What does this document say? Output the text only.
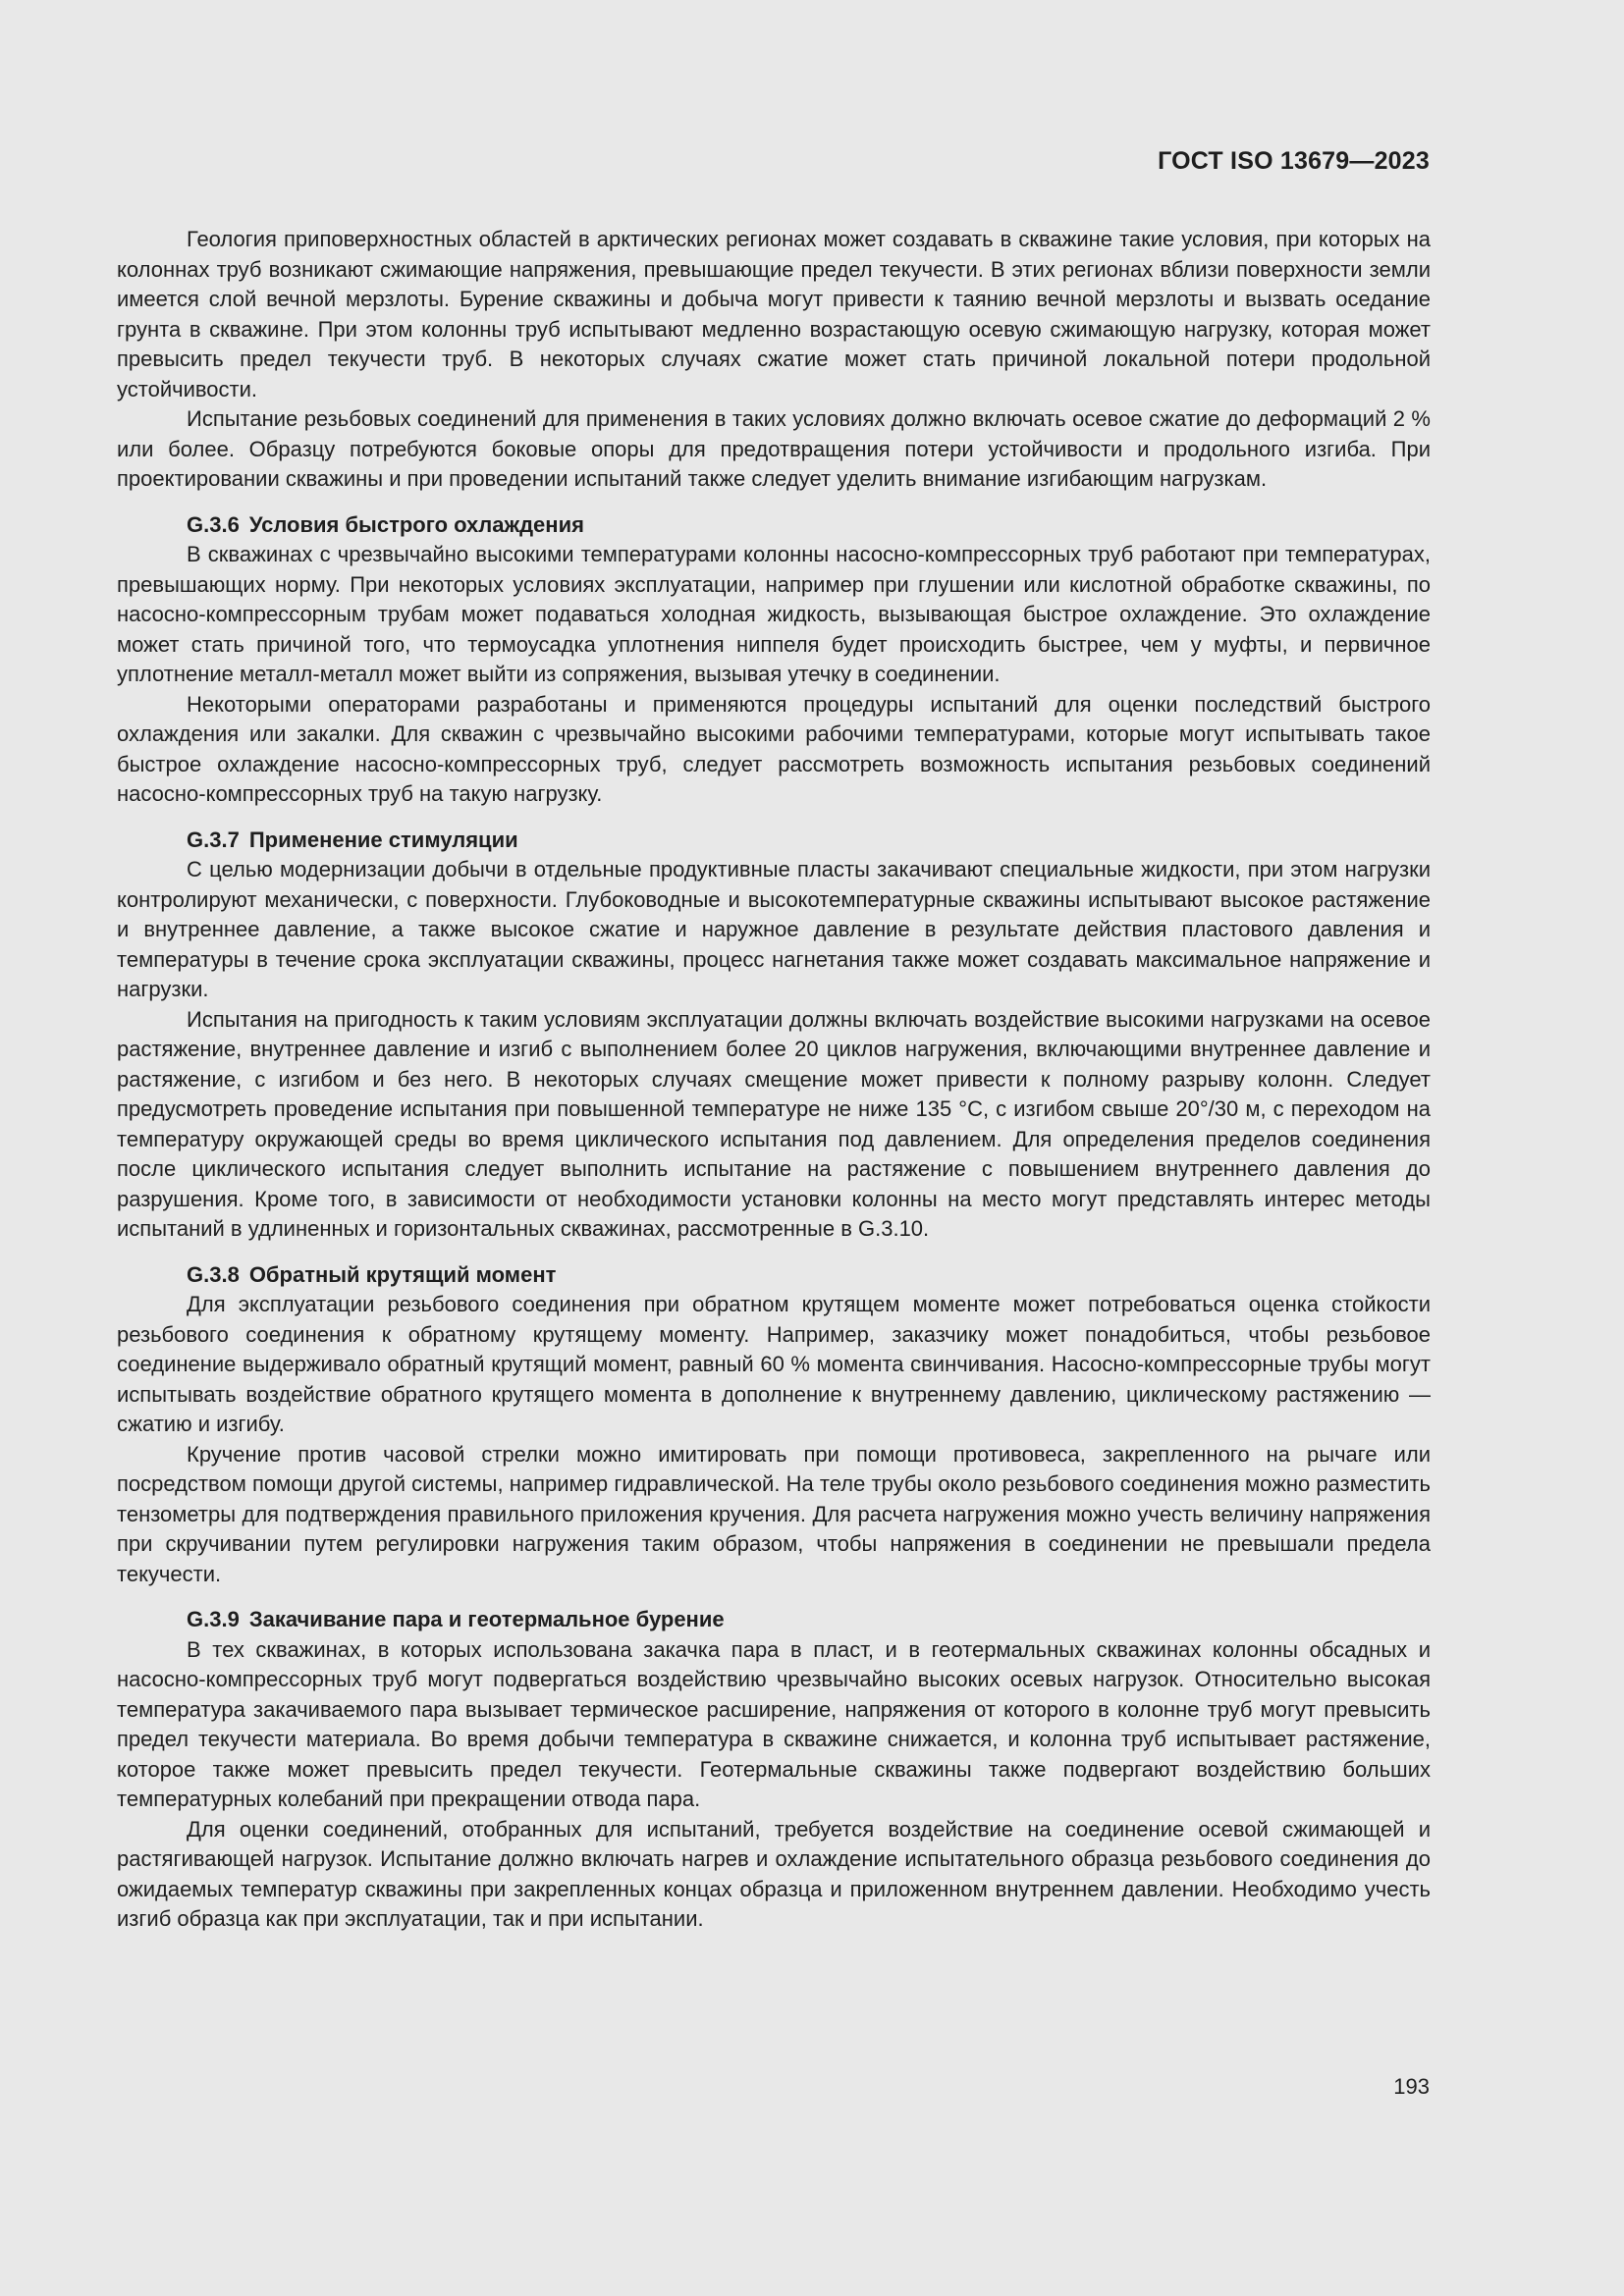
ГОСТ ISO 13679—2023

Геология приповерхностных областей в арктических регионах может создавать в скважине такие условия, при которых на колоннах труб возникают сжимающие напряжения, превышающие предел текучести. В этих регионах вблизи поверхности земли имеется слой вечной мерзлоты. Бурение скважины и добыча могут привести к таянию вечной мерзлоты и вызвать оседание грунта в скважине. При этом колонны труб испытывают медленно возрастающую осевую сжимающую нагрузку, которая может превысить предел текучести труб. В некоторых случаях сжатие может стать причиной локальной потери продольной устойчивости.

Испытание резьбовых соединений для применения в таких условиях должно включать осевое сжатие до деформаций 2 % или более. Образцу потребуются боковые опоры для предотвращения потери устойчивости и продольного изгиба. При проектировании скважины и при проведении испытаний также следует уделить внимание изгибающим нагрузкам.

G.3.6 Условия быстрого охлаждения

В скважинах с чрезвычайно высокими температурами колонны насосно-компрессорных труб работают при температурах, превышающих норму. При некоторых условиях эксплуатации, например при глушении или кислотной обработке скважины, по насосно-компрессорным трубам может подаваться холодная жидкость, вызывающая быстрое охлаждение. Это охлаждение может стать причиной того, что термоусадка уплотнения ниппеля будет происходить быстрее, чем у муфты, и первичное уплотнение металл-металл может выйти из сопряжения, вызывая утечку в соединении.

Некоторыми операторами разработаны и применяются процедуры испытаний для оценки последствий быстрого охлаждения или закалки. Для скважин с чрезвычайно высокими рабочими температурами, которые могут испытывать такое быстрое охлаждение насосно-компрессорных труб, следует рассмотреть возможность испытания резьбовых соединений насосно-компрессорных труб на такую нагрузку.

G.3.7 Применение стимуляции

С целью модернизации добычи в отдельные продуктивные пласты закачивают специальные жидкости, при этом нагрузки контролируют механически, с поверхности. Глубоководные и высокотемпературные скважины испытывают высокое растяжение и внутреннее давление, а также высокое сжатие и наружное давление в результате действия пластового давления и температуры в течение срока эксплуатации скважины, процесс нагнетания также может создавать максимальное напряжение и нагрузки.

Испытания на пригодность к таким условиям эксплуатации должны включать воздействие высокими нагрузками на осевое растяжение, внутреннее давление и изгиб с выполнением более 20 циклов нагружения, включающими внутреннее давление и растяжение, с изгибом и без него. В некоторых случаях смещение может привести к полному разрыву колонн. Следует предусмотреть проведение испытания при повышенной температуре не ниже 135 °С, с изгибом свыше 20°/30 м, с переходом на температуру окружающей среды во время циклического испытания под давлением. Для определения пределов соединения после циклического испытания следует выполнить испытание на растяжение с повышением внутреннего давления до разрушения. Кроме того, в зависимости от необходимости установки колонны на место могут представлять интерес методы испытаний в удлиненных и горизонтальных скважинах, рассмотренные в G.3.10.

G.3.8 Обратный крутящий момент

Для эксплуатации резьбового соединения при обратном крутящем моменте может потребоваться оценка стойкости резьбового соединения к обратному крутящему моменту. Например, заказчику может понадобиться, чтобы резьбовое соединение выдерживало обратный крутящий момент, равный 60 % момента свинчивания. Насосно-компрессорные трубы могут испытывать воздействие обратного крутящего момента в дополнение к внутреннему давлению, циклическому растяжению — сжатию и изгибу.

Кручение против часовой стрелки можно имитировать при помощи противовеса, закрепленного на рычаге или посредством помощи другой системы, например гидравлической. На теле трубы около резьбового соединения можно разместить тензометры для подтверждения правильного приложения кручения. Для расчета нагружения можно учесть величину напряжения при скручивании путем регулировки нагружения таким образом, чтобы напряжения в соединении не превышали предела текучести.

G.3.9 Закачивание пара и геотермальное бурение

В тех скважинах, в которых использована закачка пара в пласт, и в геотермальных скважинах колонны обсадных и насосно-компрессорных труб могут подвергаться воздействию чрезвычайно высоких осевых нагрузок. Относительно высокая температура закачиваемого пара вызывает термическое расширение, напряжения от которого в колонне труб могут превысить предел текучести материала. Во время добычи температура в скважине снижается, и колонна труб испытывает растяжение, которое также может превысить предел текучести. Геотермальные скважины также подвергают воздействию больших температурных колебаний при прекращении отвода пара.

Для оценки соединений, отобранных для испытаний, требуется воздействие на соединение осевой сжимающей и растягивающей нагрузок. Испытание должно включать нагрев и охлаждение испытательного образца резьбового соединения до ожидаемых температур скважины при закрепленных концах образца и приложенном внутреннем давлении. Необходимо учесть изгиб образца как при эксплуатации, так и при испытании.

193
